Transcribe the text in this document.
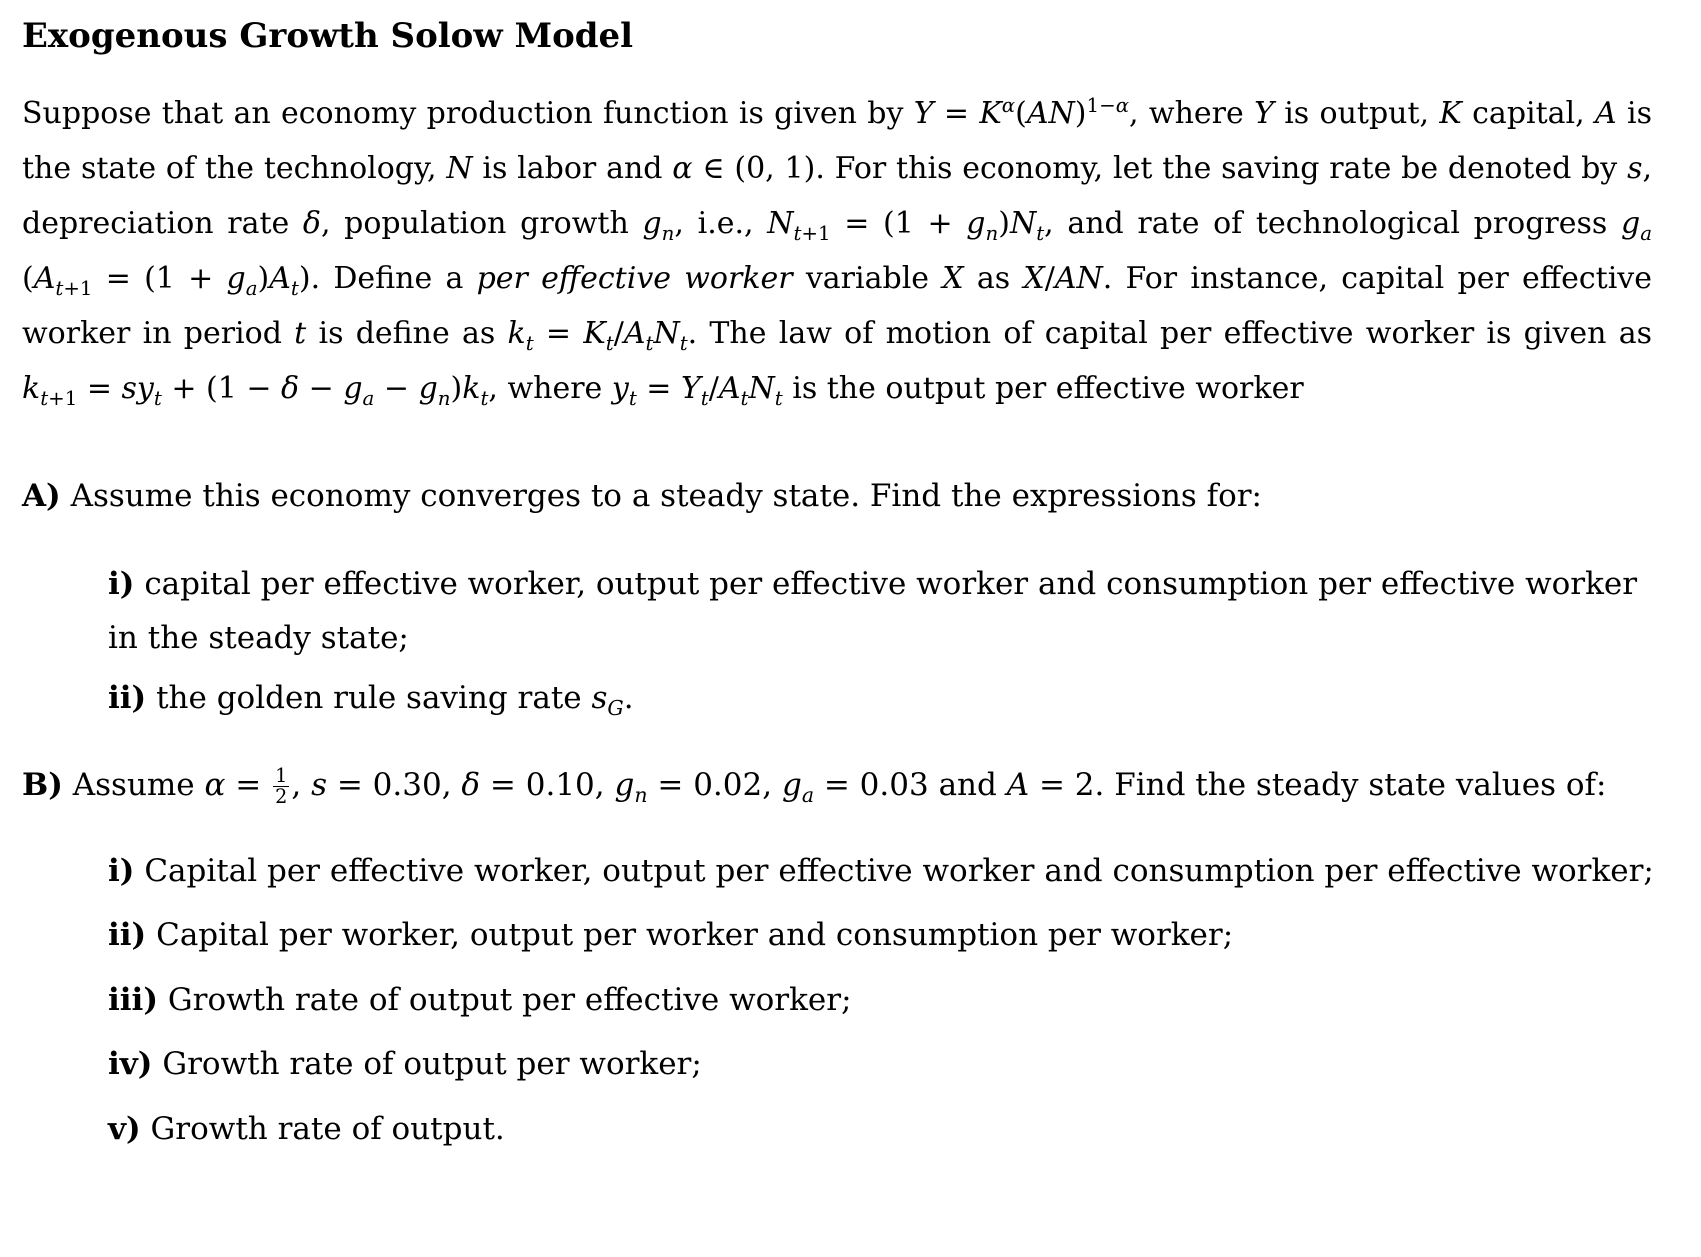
Exogenous Growth Solow Model

Suppose that an economy production function is given by $Y = K^\alpha(AN)^{1-\alpha}$, where Y is output, K capital, A is the state of the technology, N is labor and α ∈ (0, 1). For this economy, let the saving rate be denoted by s, depreciation rate δ, population growth $g_n$, i.e., $N_{t+1} = (1 + g_n)N_t$, and rate of technological progress $g_a$ $(A_{t+1} = (1 + g_a)A_t)$. Define a per effective worker variable X as X/AN. For instance, capital per effective worker in period t is define as $k_t = K_t/A_tN_t$. The law of motion of capital per effective worker is given as $k_{t+1} = sy_t + (1 - \delta - g_a - g_n)k_t$, where $y_t = Y_t/A_tN_t$ is the output per effective worker

A) Assume this economy converges to a steady state. Find the expressions for:
i) capital per effective worker, output per effective worker and consumption per effective worker in the steady state;
ii) the golden rule saving rate $s_G$.
B) Assume $\alpha = \frac{1}{2}$ , s = 0.30, δ = 0.10, $g_n = 0.02$, $g_a = 0.03$ and A = 2. Find the steady state values of:
i) Capital per effective worker, output per effective worker and consumption per effective worker;
ii) Capital per worker, output per worker and consumption per worker;
iii) Growth rate of output per effective worker;
iv) Growth rate of output per worker;
v) Growth rate of output.
